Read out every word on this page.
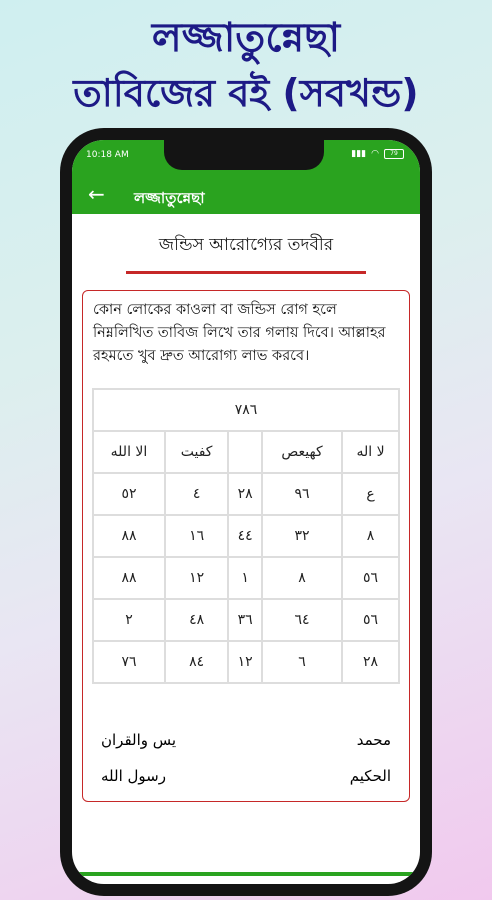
লজ্জাতুন্নেছা
তাবিজের বই (সবখন্ড)
10:18 AM	▮▮▮ ◠	79
← লজ্জাতুন্নেছা
জন্ডিস আরোগ্যের তদবীর
কোন লোকের কাওলা বা জন্ডিস রোগ হলে নিম্নলিখিত তাবিজ লিখে তার গলায় দিবে। আল্লাহর রহমতে খুব দ্রুত আরোগ্য লাভ করবে।
٧٨٦				
الا الله	كفيت		كهيعص	لا اله
٥٢	٤	٢٨	٩٦	ع
٨٨	١٦	٤٤	٣٢	٨
٨٨	١٢	١	٨	٥٦
٢	٤٨	٣٦	٦٤	٥٦
٧٦	٨٤	١٢	٦	٢٨
محمد
يس والقران
الحكيم
رسول الله
